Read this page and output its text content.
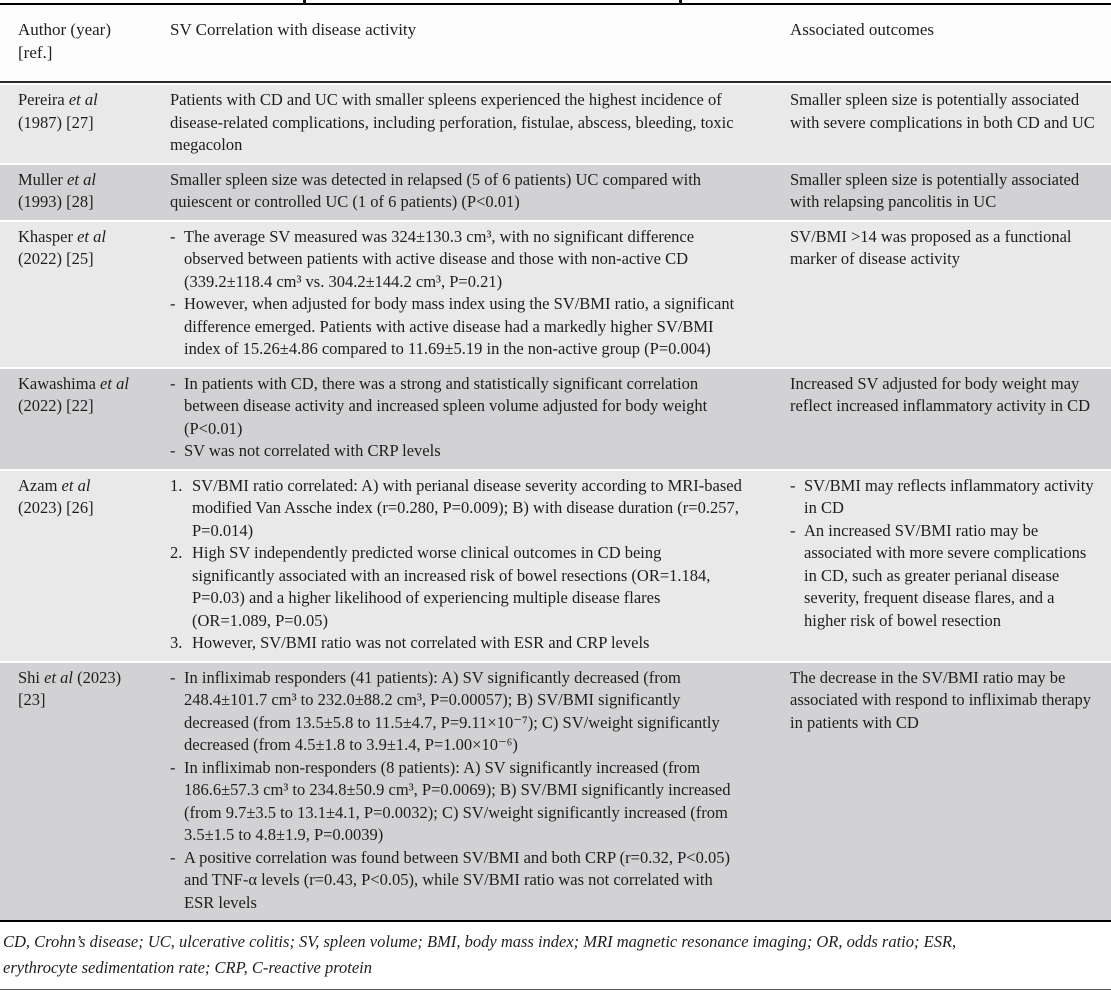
Author (year) [ref.]
SV Correlation with disease activity	Associated outcomes
Pereira et al (1987) [27]
Patients with CD and UC with smaller spleens experienced the highest incidence of disease-related complications, including perforation, fistulae, abscess, bleeding, toxic megacolon
Smaller spleen size is potentially associated with severe complications in both CD and UC
Muller et al (1993) [28]
Smaller spleen size was detected in relapsed (5 of 6 patients) UC compared with quiescent or controlled UC (1 of 6 patients) (P<0.01)
Smaller spleen size is potentially associated with relapsing pancolitis in UC
Khasper et al (2022) [25]
- The average SV measured was 324±130.3 cm³, with no significant difference observed between patients with active disease and those with non-active CD (339.2±118.4 cm³ vs. 304.2±144.2 cm³, P=0.21)
- However, when adjusted for body mass index using the SV/BMI ratio, a significant difference emerged. Patients with active disease had a markedly higher SV/BMI index of 15.26±4.86 compared to 11.69±5.19 in the non-active group (P=0.004)
SV/BMI >14 was proposed as a functional marker of disease activity
Kawashima et al (2022) [22]
- In patients with CD, there was a strong and statistically significant correlation between disease activity and increased spleen volume adjusted for body weight (P<0.01)
- SV was not correlated with CRP levels
Increased SV adjusted for body weight may reflect increased inflammatory activity in CD
Azam et al (2023) [26]
1. SV/BMI ratio correlated: A) with perianal disease severity according to MRI-based modified Van Assche index (r=0.280, P=0.009); B) with disease duration (r=0.257, P=0.014)
2. High SV independently predicted worse clinical outcomes in CD being significantly associated with an increased risk of bowel resections (OR=1.184, P=0.03) and a higher likelihood of experiencing multiple disease flares (OR=1.089, P=0.05)
3. However, SV/BMI ratio was not correlated with ESR and CRP levels
- SV/BMI may reflects inflammatory activity in CD
- An increased SV/BMI ratio may be associated with more severe complications in CD, such as greater perianal disease severity, frequent disease flares, and a higher risk of bowel resection
Shi et al (2023) [23]
- In infliximab responders (41 patients): A) SV significantly decreased (from 248.4±101.7 cm³ to 232.0±88.2 cm³, P=0.00057); B) SV/BMI significantly decreased (from 13.5±5.8 to 11.5±4.7, P=9.11×10⁻⁷); C) SV/weight significantly decreased (from 4.5±1.8 to 3.9±1.4, P=1.00×10⁻⁶)
- In infliximab non-responders (8 patients): A) SV significantly increased (from 186.6±57.3 cm³ to 234.8±50.9 cm³, P=0.0069); B) SV/BMI significantly increased (from 9.7±3.5 to 13.1±4.1, P=0.0032); C) SV/weight significantly increased (from 3.5±1.5 to 4.8±1.9, P=0.0039)
- A positive correlation was found between SV/BMI and both CRP (r=0.32, P<0.05) and TNF-α levels (r=0.43, P<0.05), while SV/BMI ratio was not correlated with ESR levels
The decrease in the SV/BMI ratio may be associated with respond to infliximab therapy in patients with CD
CD, Crohn’s disease; UC, ulcerative colitis; SV, spleen volume; BMI, body mass index; MRI magnetic resonance imaging; OR, odds ratio; ESR, erythrocyte sedimentation rate; CRP, C-reactive protein
